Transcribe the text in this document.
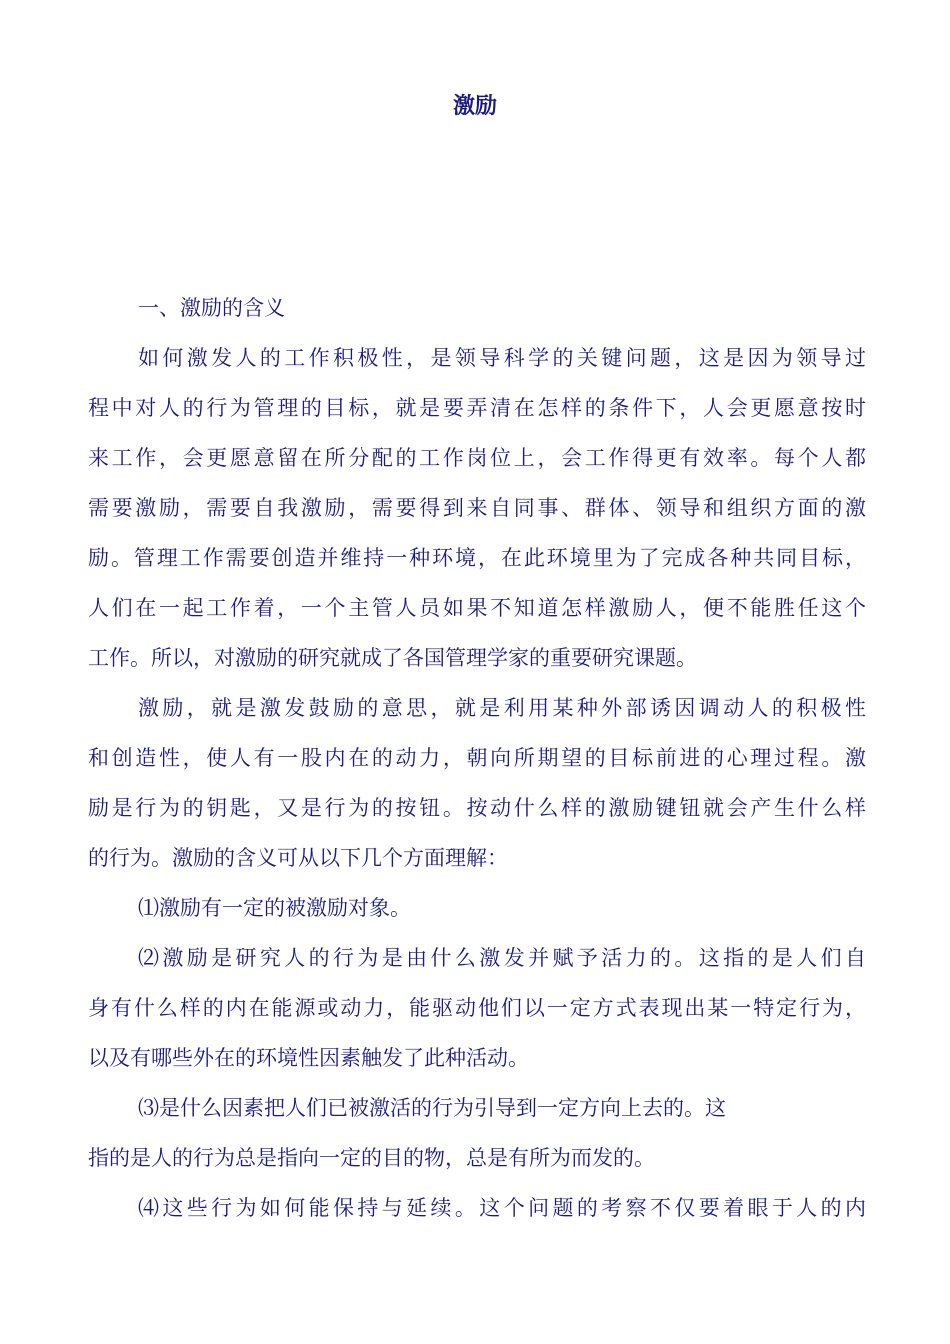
激励
一、激励的含义
如何激发人的工作积极性，是领导科学的关键问题，这是因为领导过
程中对人的行为管理的目标，就是要弄清在怎样的条件下，人会更愿意按时
来工作，会更愿意留在所分配的工作岗位上，会工作得更有效率。每个人都
需要激励，需要自我激励，需要得到来自同事、群体、领导和组织方面的激
励。管理工作需要创造并维持一种环境，在此环境里为了完成各种共同目标，
人们在一起工作着，一个主管人员如果不知道怎样激励人，便不能胜任这个
工作。所以，对激励的研究就成了各国管理学家的重要研究课题。
激励，就是激发鼓励的意思，就是利用某种外部诱因调动人的积极性
和创造性，使人有一股内在的动力，朝向所期望的目标前进的心理过程。激
励是行为的钥匙，又是行为的按钮。按动什么样的激励键钮就会产生什么样
的行为。激励的含义可从以下几个方面理解：
⑴激励有一定的被激励对象。
⑵激励是研究人的行为是由什么激发并赋予活力的。这指的是人们自
身有什么样的内在能源或动力，能驱动他们以一定方式表现出某一特定行为，
以及有哪些外在的环境性因素触发了此种活动。
⑶是什么因素把人们已被激活的行为引导到一定方向上去的。这
指的是人的行为总是指向一定的目的物，总是有所为而发的。
⑷这些行为如何能保持与延续。这个问题的考察不仅要着眼于人的内
